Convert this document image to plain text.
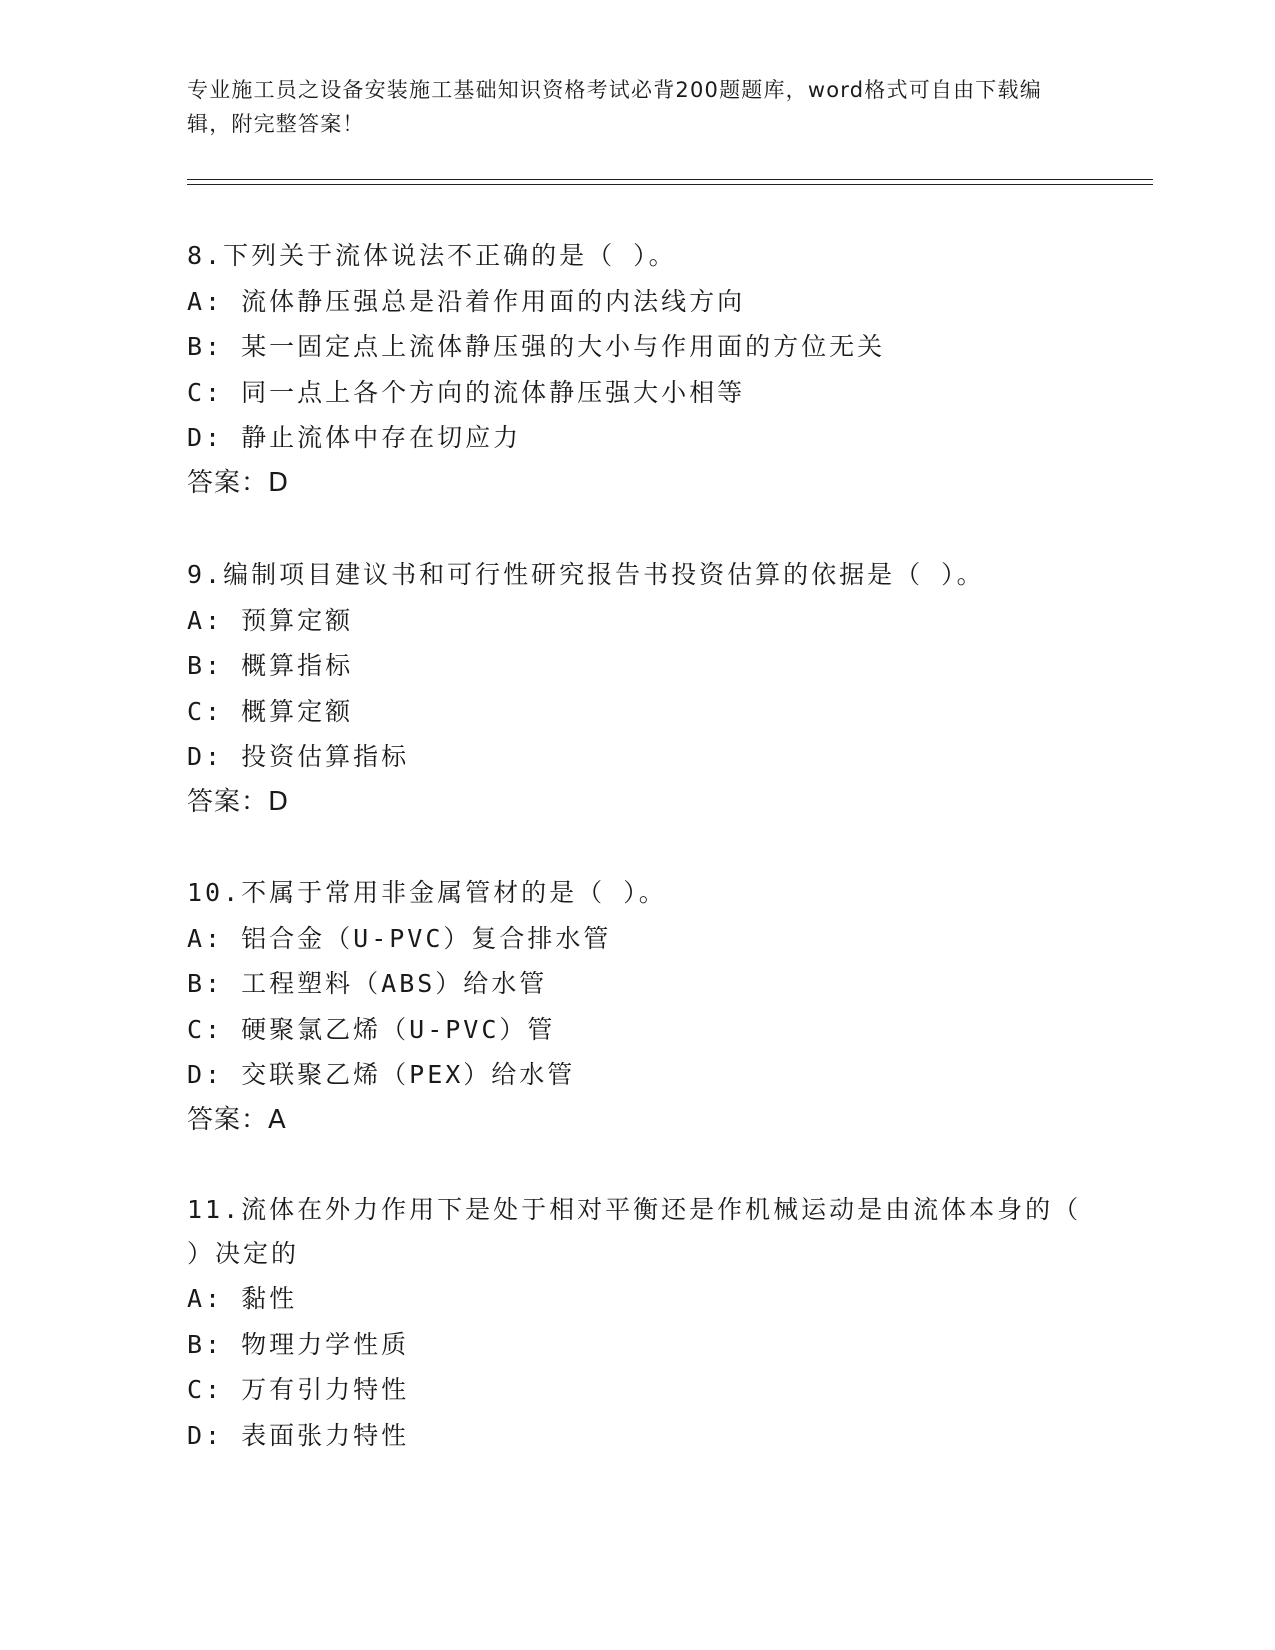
专业施工员之设备安装施工基础知识资格考试必背200题题库，word格式可自由下载编辑，附完整答案！
8.下列关于流体说法不正确的是（ ）。
A: 流体静压强总是沿着作用面的内法线方向
B: 某一固定点上流体静压强的大小与作用面的方位无关
C: 同一点上各个方向的流体静压强大小相等
D: 静止流体中存在切应力
答案：D
9.编制项目建议书和可行性研究报告书投资估算的依据是（ ）。
A: 预算定额
B: 概算指标
C: 概算定额
D: 投资估算指标
答案：D
10.不属于常用非金属管材的是（ ）。
A: 铝合金（U-PVC）复合排水管
B: 工程塑料（ABS）给水管
C: 硬聚氯乙烯（U-PVC）管
D: 交联聚乙烯（PEX）给水管
答案：A
11.流体在外力作用下是处于相对平衡还是作机械运动是由流体本身的（ ）决定的
A: 黏性
B: 物理力学性质
C: 万有引力特性
D: 表面张力特性
